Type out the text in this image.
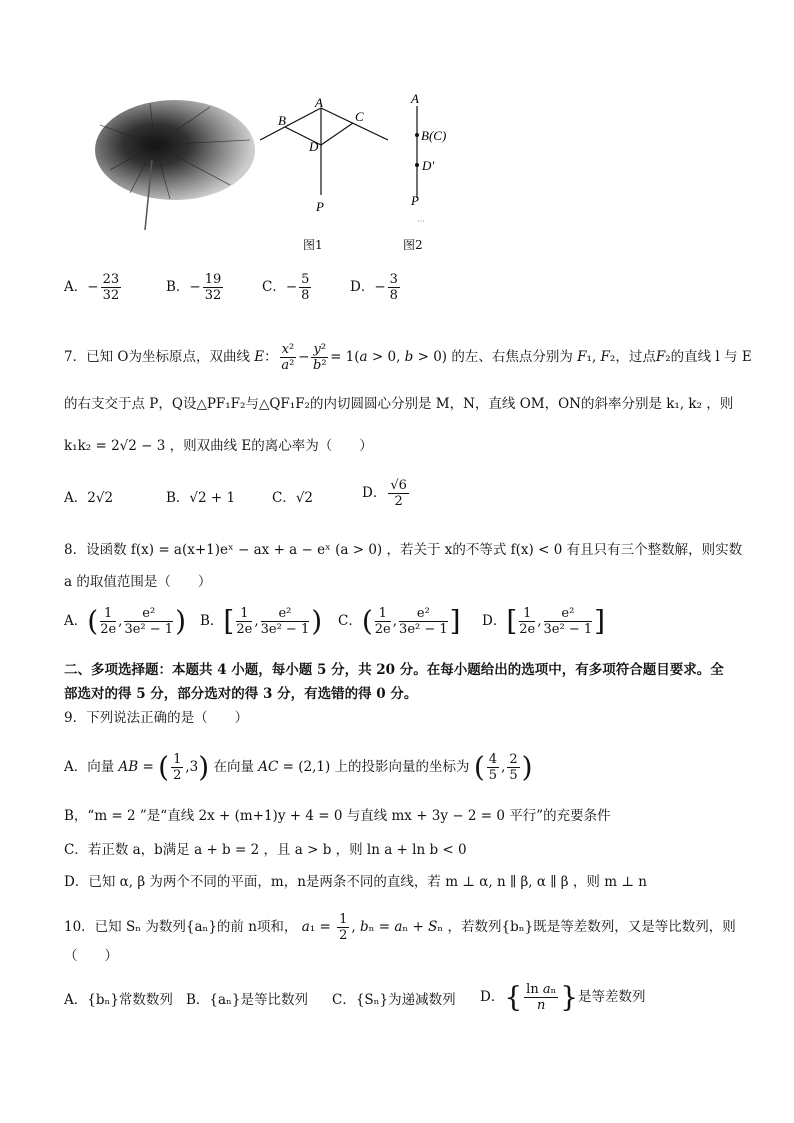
A
B	C
D
P
A
B(C)
D'
P
···
图1	图2
A．− $\frac{23}{32}$	B．− $\frac{19}{32}$	C．− $\frac{5}{8}$	D．− $\frac{3}{8}$
7．已知 O为坐标原点，双曲线 E： $\frac{\text{x²}}{\text{a²}} - \frac{\text{y²}}{\text{b²}} = 1(a > 0$, b > 0) 的左、右焦点分别为 F₁, F₂，过点F₂的直线 l 与 E
的右支交于点 P，Q设△PF₁F₂与△QF₁F₂的内切圆圆心分别是 M，N，直线 OM，ON的斜率分别是 k₁, k₂ ，则
k₁k₂ = 2√2 − 3 ，则双曲线 E的离心率为（　　）
A．2√2	B．√2 + 1	C．√2	D． $\frac{√6}{2}$
8．设函数 f(x) = a(x+1)eˣ − ax + a − eˣ (a > 0) ，若关于 x的不等式 f(x) < 0 有且只有三个整数解，则实数
a 的取值范围是（　　）
A．( $\frac{1}{2e}$ , $\frac{\text{e²}}{\text{3e² − 1}}$ ) B．[ $\frac{1}{2e}$ , $\frac{\text{e²}}{\text{3e² − 1}}$ ) C．( $\frac{1}{2e}$ , $\frac{\text{e²}}{\text{3e² − 1}}$ ] D．[ $\frac{1}{2e}$ , $\frac{\text{e²}}{\text{3e² − 1}}$ ]
二、多项选择题：本题共 4 小题，每小题 5 分，共 20 分。在每小题给出的选项中，有多项符合题目要求。全
部选对的得 5 分，部分选对的得 3 分，有选错的得 0 分。
9．下列说法正确的是（　　）
A．向量 AB = ( $\frac{1}{2} ,3$) 在向量 AC = (2,1) 上的投影向量的坐标为 ( $\frac{4}{5}$ , $\frac{2}{5}$ )
B，“m = 2 ”是“直线 2x + (m+1)y + 4 = 0 与直线 mx + 3y − 2 = 0 平行”的充要条件
C．若正数 a，b满足 a + b = 2 ，且 a > b ，则 ln a + ln b < 0
D．已知 α, β 为两个不同的平面，m，n是两条不同的直线，若 m ⊥ α, n ∥ β, α ∥ β ，则 m ⊥ n
10．已知 Sₙ 为数列{aₙ}的前 n项和， $a_1 = \frac{1}{2}$ , bₙ = aₙ + Sₙ ，若数列{bₙ}既是等差数列，又是等比数列，则
（　　）
A．{bₙ}常数数列 B．{aₙ}是等比数列 C．{Sₙ}为递减数列 D．{ $\frac{\text{ln aₙ}}{n}$ }是等差数列
